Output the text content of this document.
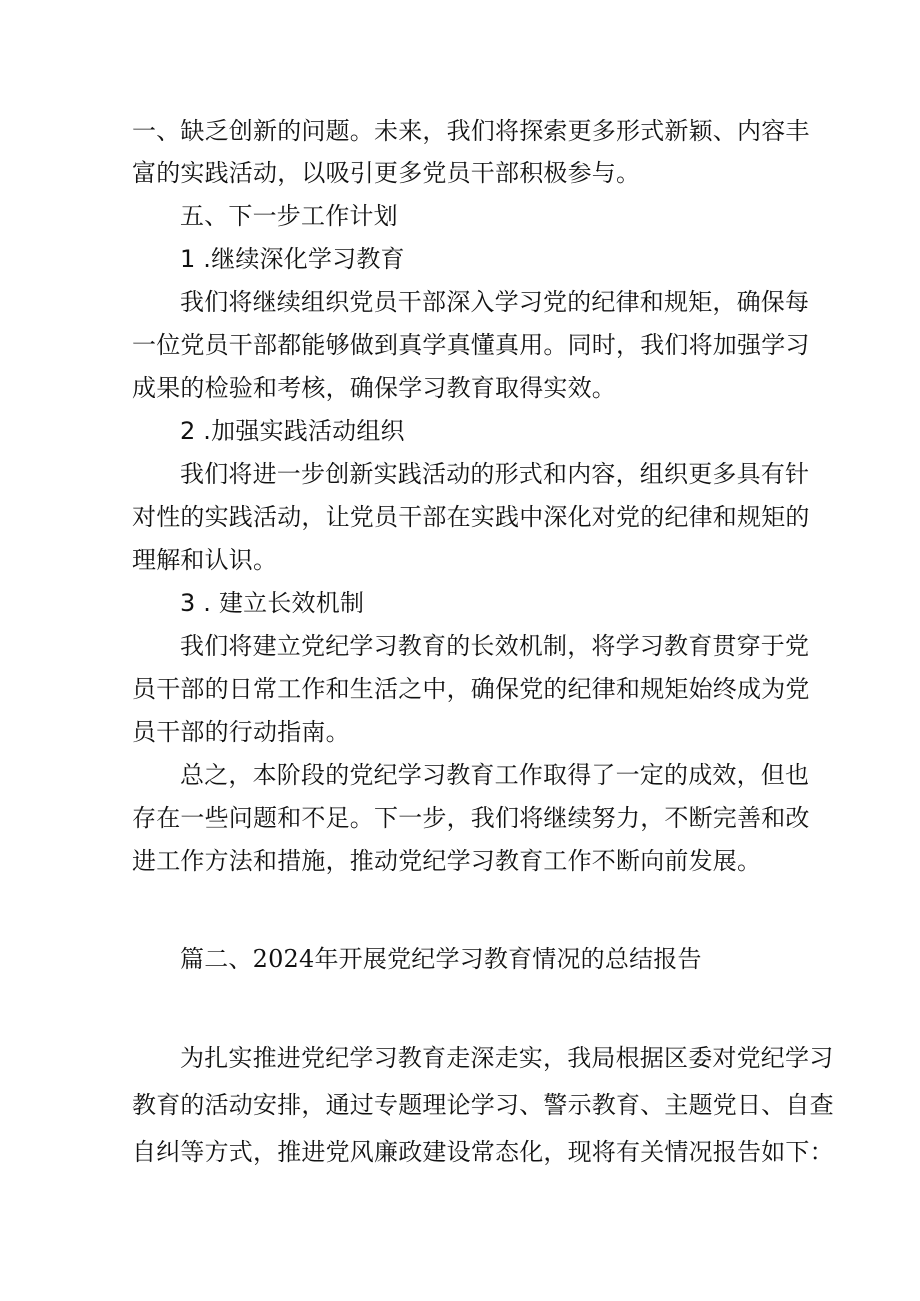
一、缺乏创新的问题。未来，我们将探索更多形式新颖、内容丰
富的实践活动，以吸引更多党员干部积极参与。
五、下一步工作计划
1 .继续深化学习教育
我们将继续组织党员干部深入学习党的纪律和规矩，确保每
一位党员干部都能够做到真学真懂真用。同时，我们将加强学习
成果的检验和考核，确保学习教育取得实效。
2 .加强实践活动组织
我们将进一步创新实践活动的形式和内容，组织更多具有针
对性的实践活动，让党员干部在实践中深化对党的纪律和规矩的
理解和认识。
3 . 建立长效机制
我们将建立党纪学习教育的长效机制，将学习教育贯穿于党
员干部的日常工作和生活之中，确保党的纪律和规矩始终成为党
员干部的行动指南。
总之，本阶段的党纪学习教育工作取得了一定的成效，但也
存在一些问题和不足。下一步，我们将继续努力，不断完善和改
进工作方法和措施，推动党纪学习教育工作不断向前发展。
篇二、2024年开展党纪学习教育情况的总结报告
为扎实推进党纪学习教育走深走实，我局根据区委对党纪学习
教育的活动安排，通过专题理论学习、警示教育、主题党日、自查
自纠等方式，推进党风廉政建设常态化，现将有关情况报告如下：
